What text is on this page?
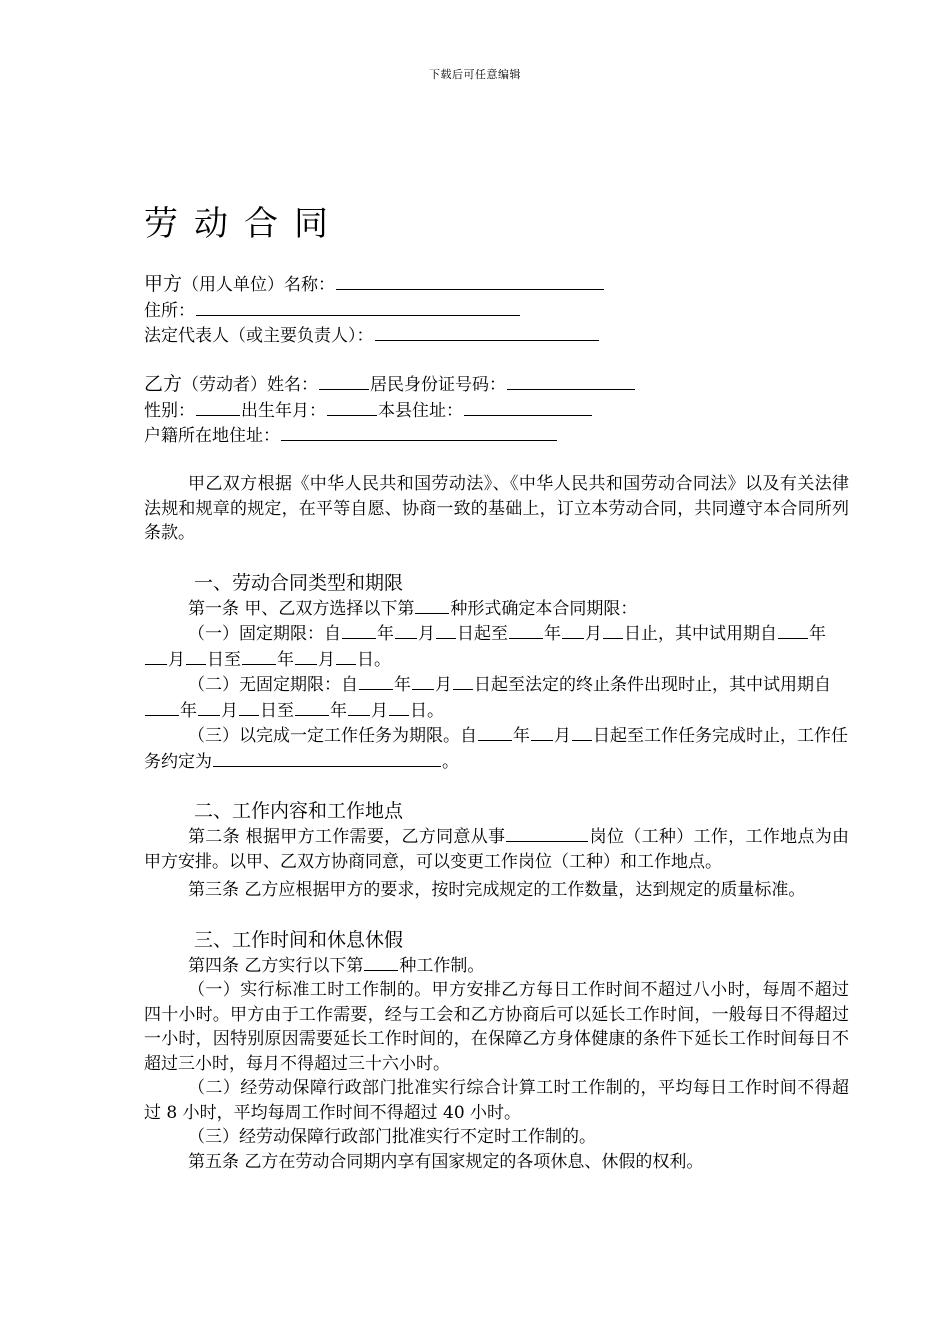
下载后可任意编辑
劳动合同
甲方（用人单位）名称：
住所：
法定代表人（或主要负责人）：
乙方（劳动者）姓名：	居民身份证号码：
性别：	出生年月：	本县住址：
户籍所在地住址：
甲乙双方根据《中华人民共和国劳动法》、《中华人民共和国劳动合同法》以及有关法律法规和规章的规定，在平等自愿、协商一致的基础上，订立本劳动合同，共同遵守本合同所列条款。
一、劳动合同类型和期限
第一条 甲、乙双方选择以下第 种形式确定本合同期限：
（一）固定期限：自 年 月 日起至 年 月 日止，其中试用期自 年月 日至 年 月 日。
（二）无固定期限：自 年 月 日起至法定的终止条件出现时止，其中试用期自年 月 日至 年 月 日。
（三）以完成一定工作任务为期限。自 年 月 日起至工作任务完成时止，工作任务约定为	。
二、工作内容和工作地点
第二条 根据甲方工作需要，乙方同意从事	岗位（工种）工作，工作地点为由甲方安排。以甲、乙双方协商同意，可以变更工作岗位（工种）和工作地点。
第三条 乙方应根据甲方的要求，按时完成规定的工作数量，达到规定的质量标准。
三、工作时间和休息休假
第四条 乙方实行以下第 种工作制。
（一）实行标准工时工作制的。甲方安排乙方每日工作时间不超过八小时，每周不超过四十小时。甲方由于工作需要，经与工会和乙方协商后可以延长工作时间，一般每日不得超过一小时，因特别原因需要延长工作时间的，在保障乙方身体健康的条件下延长工作时间每日不超过三小时，每月不得超过三十六小时。
（二）经劳动保障行政部门批准实行综合计算工时工作制的，平均每日工作时间不得超过 8 小时，平均每周工作时间不得超过 40 小时。
（三）经劳动保障行政部门批准实行不定时工作制的。
第五条 乙方在劳动合同期内享有国家规定的各项休息、休假的权利。
